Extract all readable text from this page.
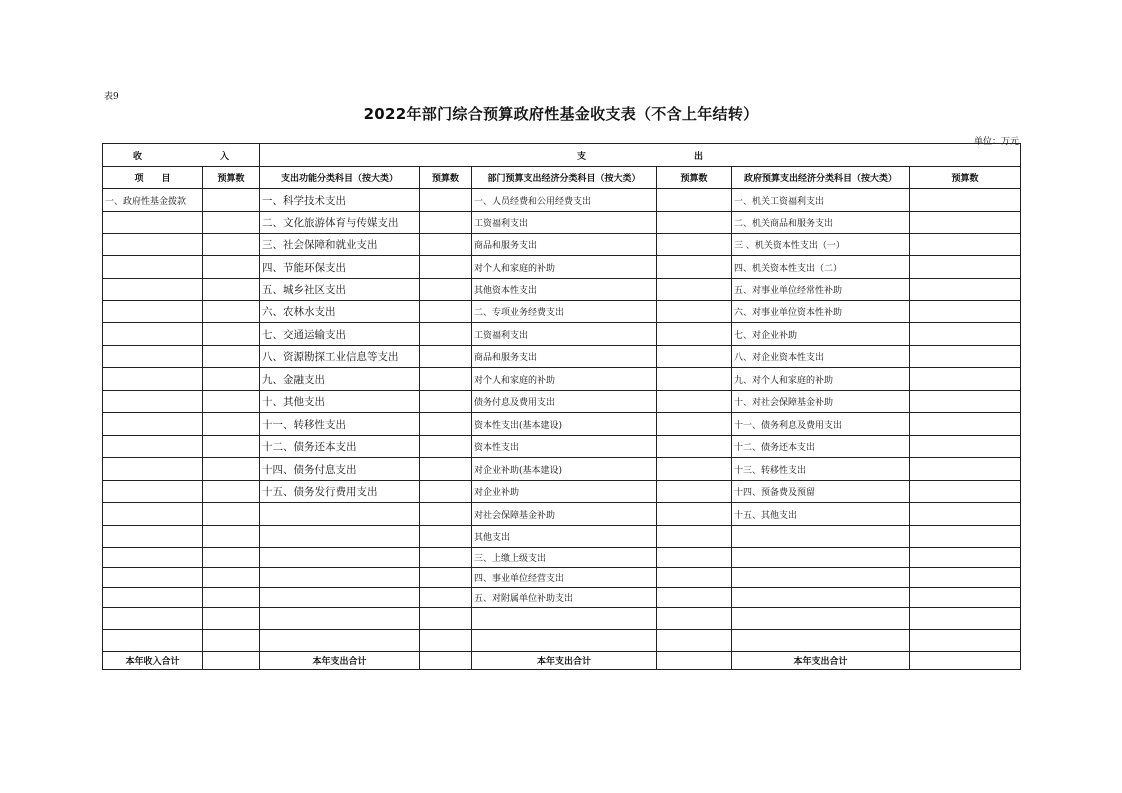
表9
2022年部门综合预算政府性基金收支表（不含上年结转）
单位：万元
收 入		支 出					
项　　目	预算数	支出功能分类科目（按大类）	预算数	部门预算支出经济分类科目（按大类）	预算数	政府预算支出经济分类科目（按大类）	预算数
一、政府性基金拨款		一、科学技术支出		一、人员经费和公用经费支出		一、机关工资福利支出	
		二、文化旅游体育与传媒支出		工资福利支出		二、机关商品和服务支出	
		三、社会保障和就业支出		商品和服务支出		三 、机关资本性支出（一）	
		四、节能环保支出		对个人和家庭的补助		四、机关资本性支出（二）	
		五、城乡社区支出		其他资本性支出		五、对事业单位经常性补助	
		六、农林水支出		二、专项业务经费支出		六、对事业单位资本性补助	
		七、交通运输支出		工资福利支出		七、对企业补助	
		八、资源勘探工业信息等支出		商品和服务支出		八、对企业资本性支出	
		九、金融支出		对个人和家庭的补助		九、对个人和家庭的补助	
		十、其他支出		债务付息及费用支出		十、对社会保障基金补助	
		十一、转移性支出		资本性支出(基本建设)		十一、债务利息及费用支出	
		十二、债务还本支出		资本性支出		十二、债务还本支出	
		十四、债务付息支出		对企业补助(基本建设)		十三、转移性支出	
		十五、债务发行费用支出		对企业补助		十四、预备费及预留	
				对社会保障基金补助		十五、其他支出	
				其他支出			
				三、上缴上级支出			
				四、事业单位经营支出			
				五、对附属单位补助支出			

本年收入合计		本年支出合计		本年支出合计		本年支出合计	
